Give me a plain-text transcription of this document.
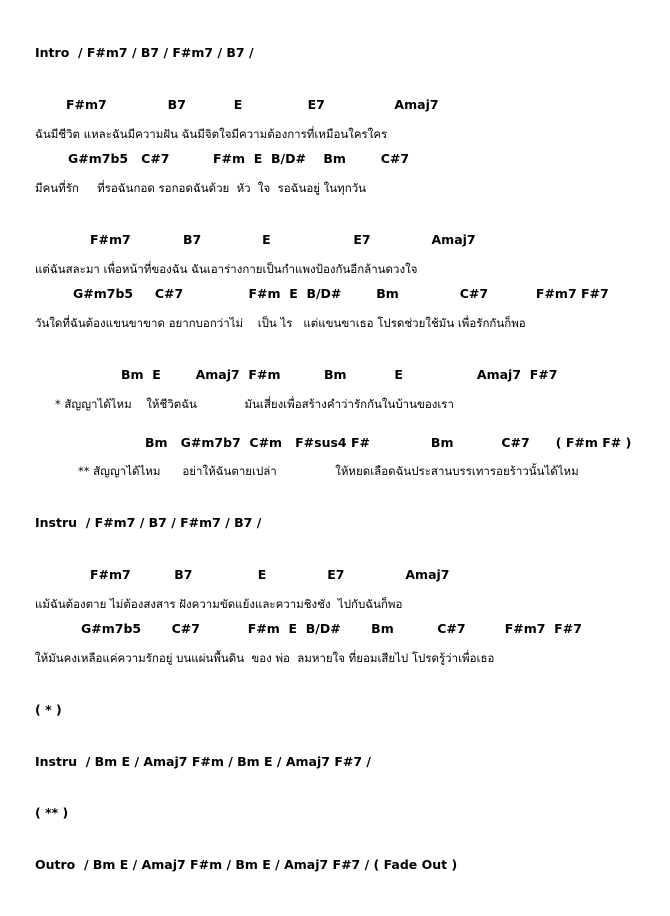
Intro  / F#m7 / B7 / F#m7 / B7 /
F#m7              B7           E               E7                Amaj7
ฉันมีชีวิต แหละฉันมีความฝัน ฉันมีจิตใจมีความต้องการที่เหมือนใครใคร
G#m7b5   C#7          F#m  E  B/D#    Bm        C#7
มีคนที่รัก     ที่รอฉันกอด รอกอดฉันด้วย  หัว  ใจ  รอฉันอยู่ ในทุกวัน
F#m7            B7              E                   E7              Amaj7
แต่ฉันสละมา เพื่อหน้าที่ของฉัน ฉันเอาร่างกายเป็นกำแพงป้องกันอีกล้านดวงใจ
G#m7b5     C#7               F#m  E  B/D#        Bm              C#7           F#m7 F#7
วันใดที่ฉันต้องแขนขาขาด อยากบอกว่าไม่    เป็น ไร   แต่แขนขาเธอ โปรดช่วยใช้มัน เพื่อรักกันก็พอ
Bm  E        Amaj7  F#m          Bm           E                 Amaj7  F#7
* สัญญาได้ไหม    ให้ชีวิตฉัน             มันเสี่ยงเพื่อสร้างคำว่ารักกันในบ้านของเรา
Bm   G#m7b7  C#m   F#sus4 F#              Bm           C#7      ( F#m F# )
** สัญญาได้ไหม      อย่าให้ฉันตายเปล่า                ให้หยดเลือดฉันประสานบรรเทารอยร้าวนั้นได้ไหม
Instru  / F#m7 / B7 / F#m7 / B7 /
F#m7          B7               E              E7              Amaj7
แม้ฉันต้องตาย ไม่ต้องสงสาร ฝังความขัดแย้งและความชิงชัง  ไปกับฉันก็พอ
G#m7b5       C#7           F#m  E  B/D#       Bm          C#7         F#m7  F#7
ให้มันคงเหลือแค่ความรักอยู่ บนแผ่นพื้นดิน  ของ พ่อ  ลมหายใจ ที่ยอมเสียไป โปรดรู้ว่าเพื่อเธอ
( * )
Instru  / Bm E / Amaj7 F#m / Bm E / Amaj7 F#7 /
( ** )
Outro  / Bm E / Amaj7 F#m / Bm E / Amaj7 F#7 / ( Fade Out )
